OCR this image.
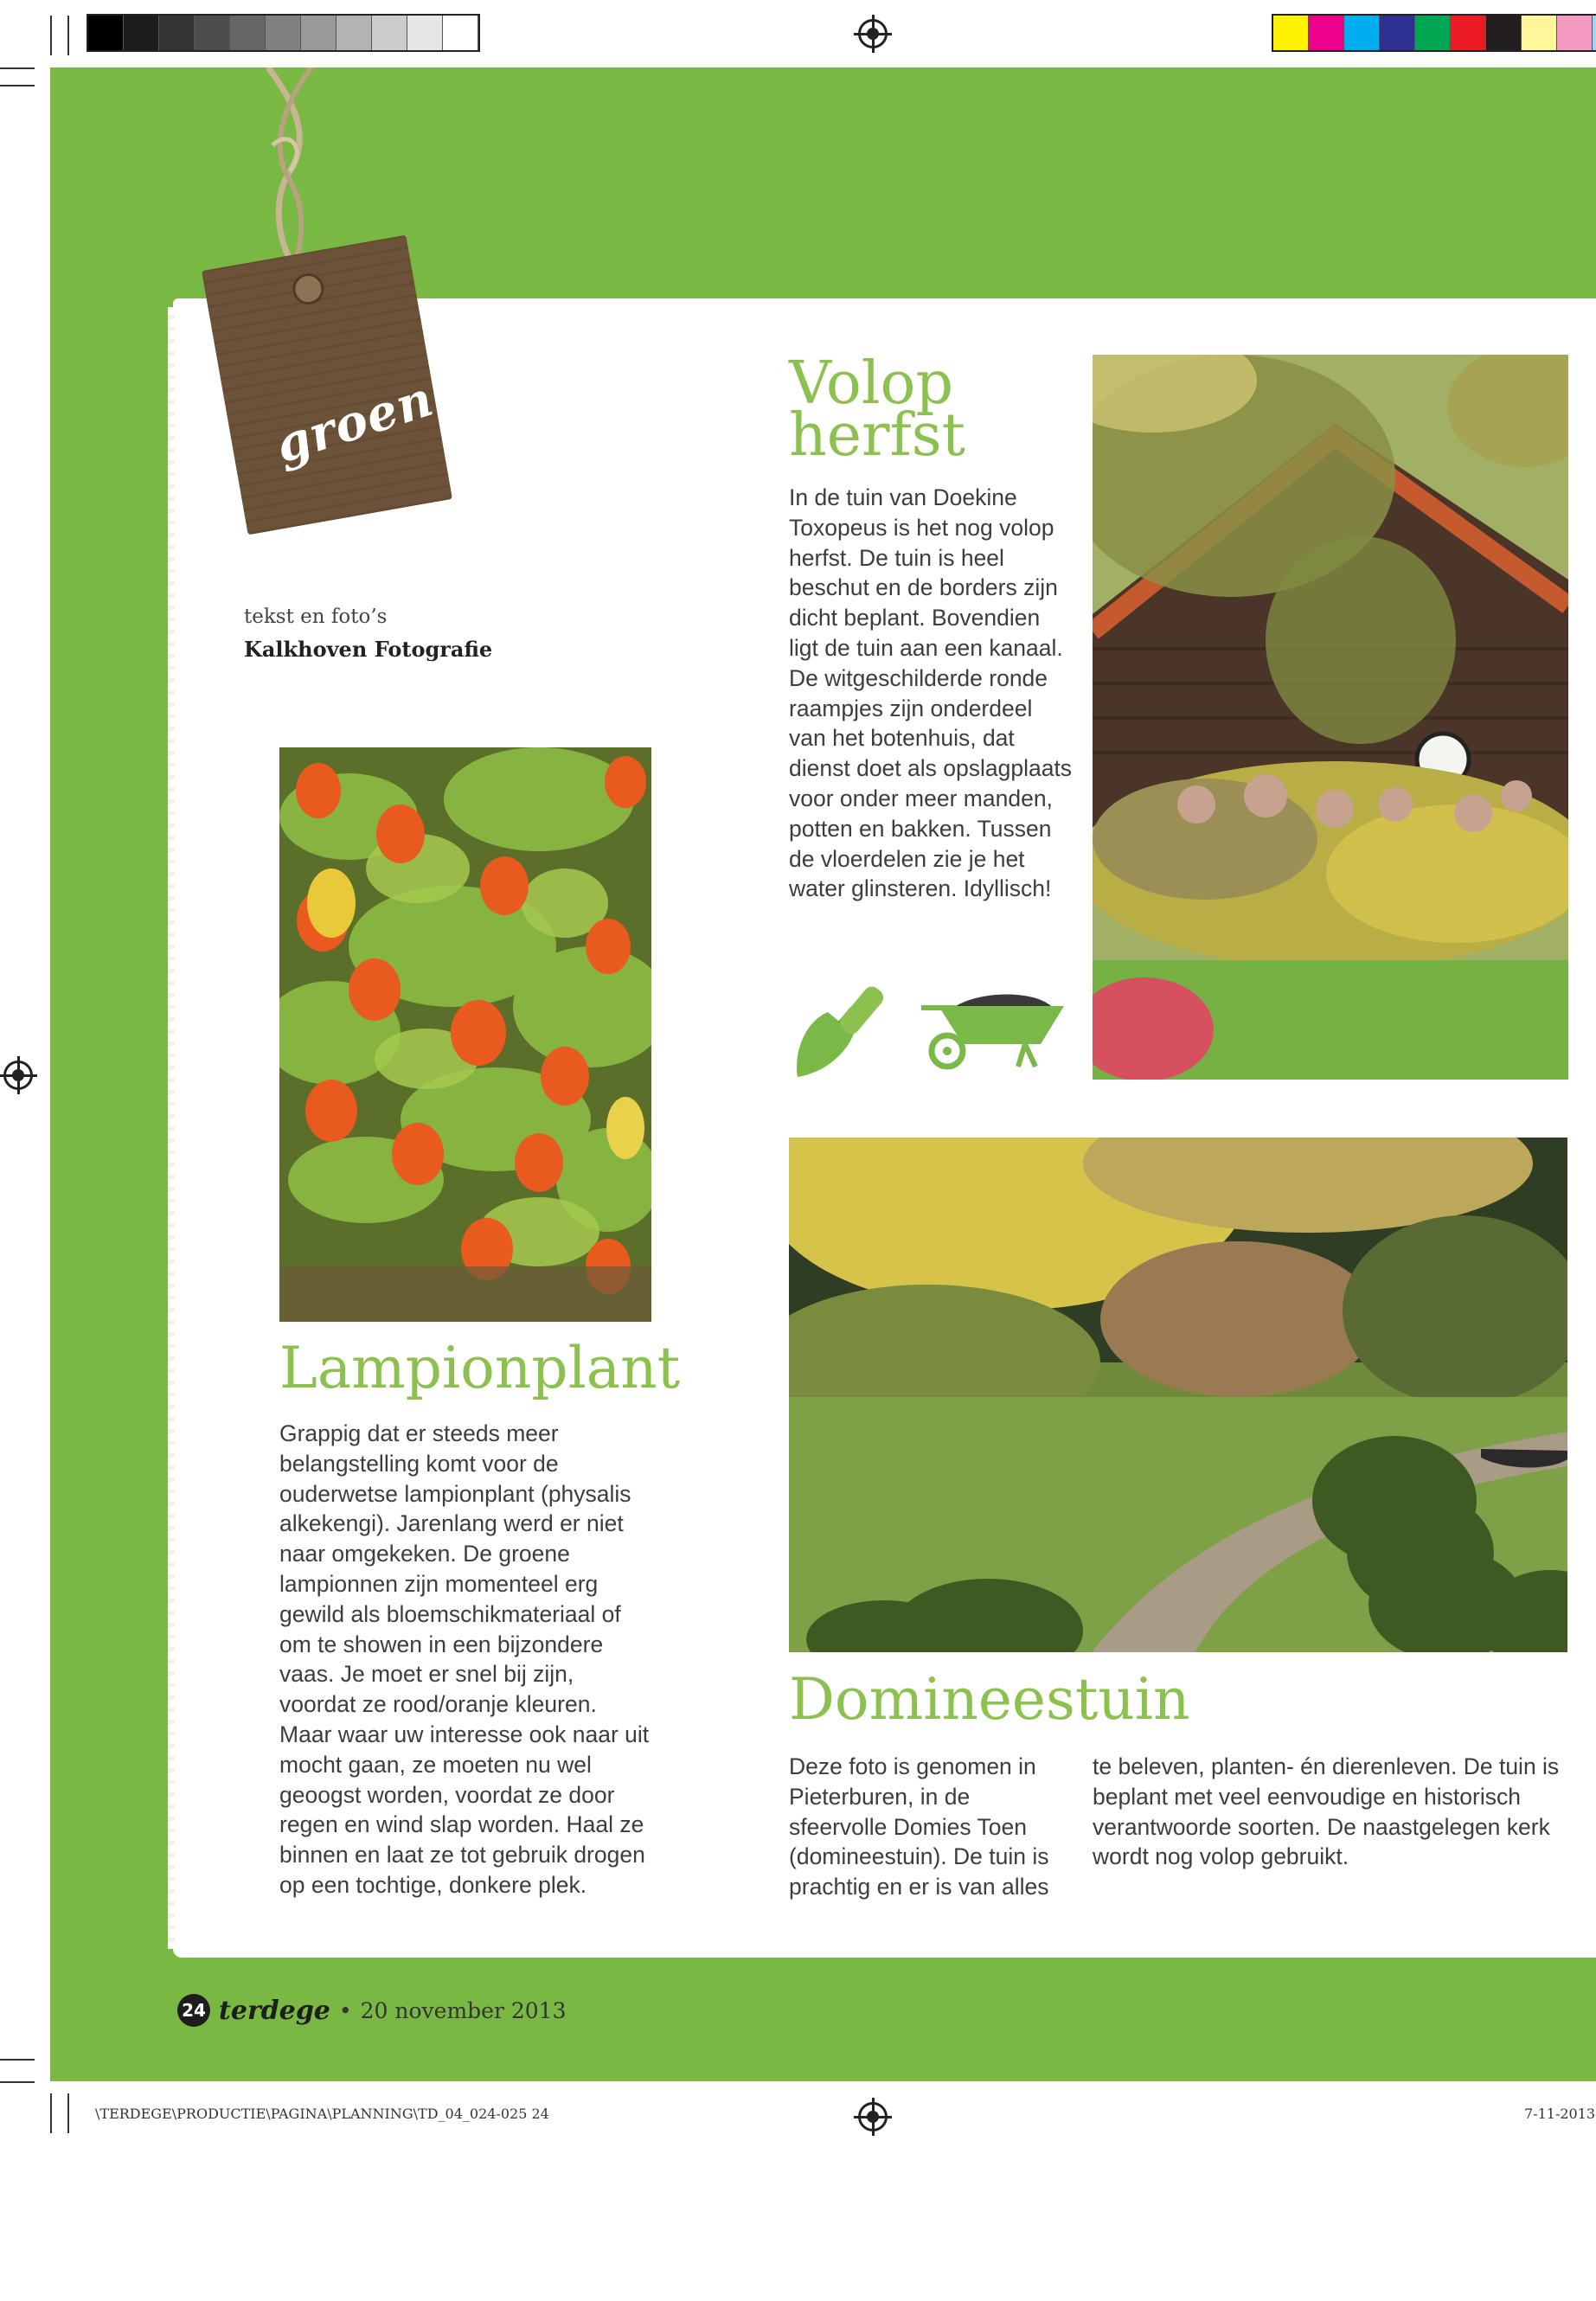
groen
tekst en foto’s
Kalkhoven Fotografie
Volop
herfst
In de tuin van Doekine Toxopeus is het nog volop herfst. De tuin is heel beschut en de borders zijn dicht beplant. Bovendien ligt de tuin aan een kanaal. De witgeschilderde ronde raampjes zijn onderdeel van het botenhuis, dat dienst doet als opslagplaats voor onder meer manden, potten en bakken. Tussen de vloerdelen zie je het water glinsteren. Idyllisch!
Lampionplant
Grappig dat er steeds meer belangstelling komt voor de ouderwetse lampionplant (physalis alkekengi). Jarenlang werd er niet naar omgekeken. De groene lampionnen zijn momenteel erg gewild als bloemschikmateriaal of om te showen in een bijzondere vaas. Je moet er snel bij zijn, voordat ze rood/oranje kleuren. Maar waar uw interesse ook naar uit mocht gaan, ze moeten nu wel geoogst worden, voordat ze door regen en wind slap worden. Haal ze binnen en laat ze tot gebruik drogen op een tochtige, donkere plek.
Domineestuin
Deze foto is genomen in Pieterburen, in de sfeervolle Domies Toen (domineestuin). De tuin is prachtig en er is van alles
te beleven, planten- én dierenleven. De tuin is beplant met veel eenvoudige en historisch verantwoorde soorten. De naastgelegen kerk wordt nog volop gebruikt.
24 terdege • 20 november 2013
\TERDEGE\PRODUCTIE\PAGINA\PLANNING\TD_04_024-025 24	7-11-2013
